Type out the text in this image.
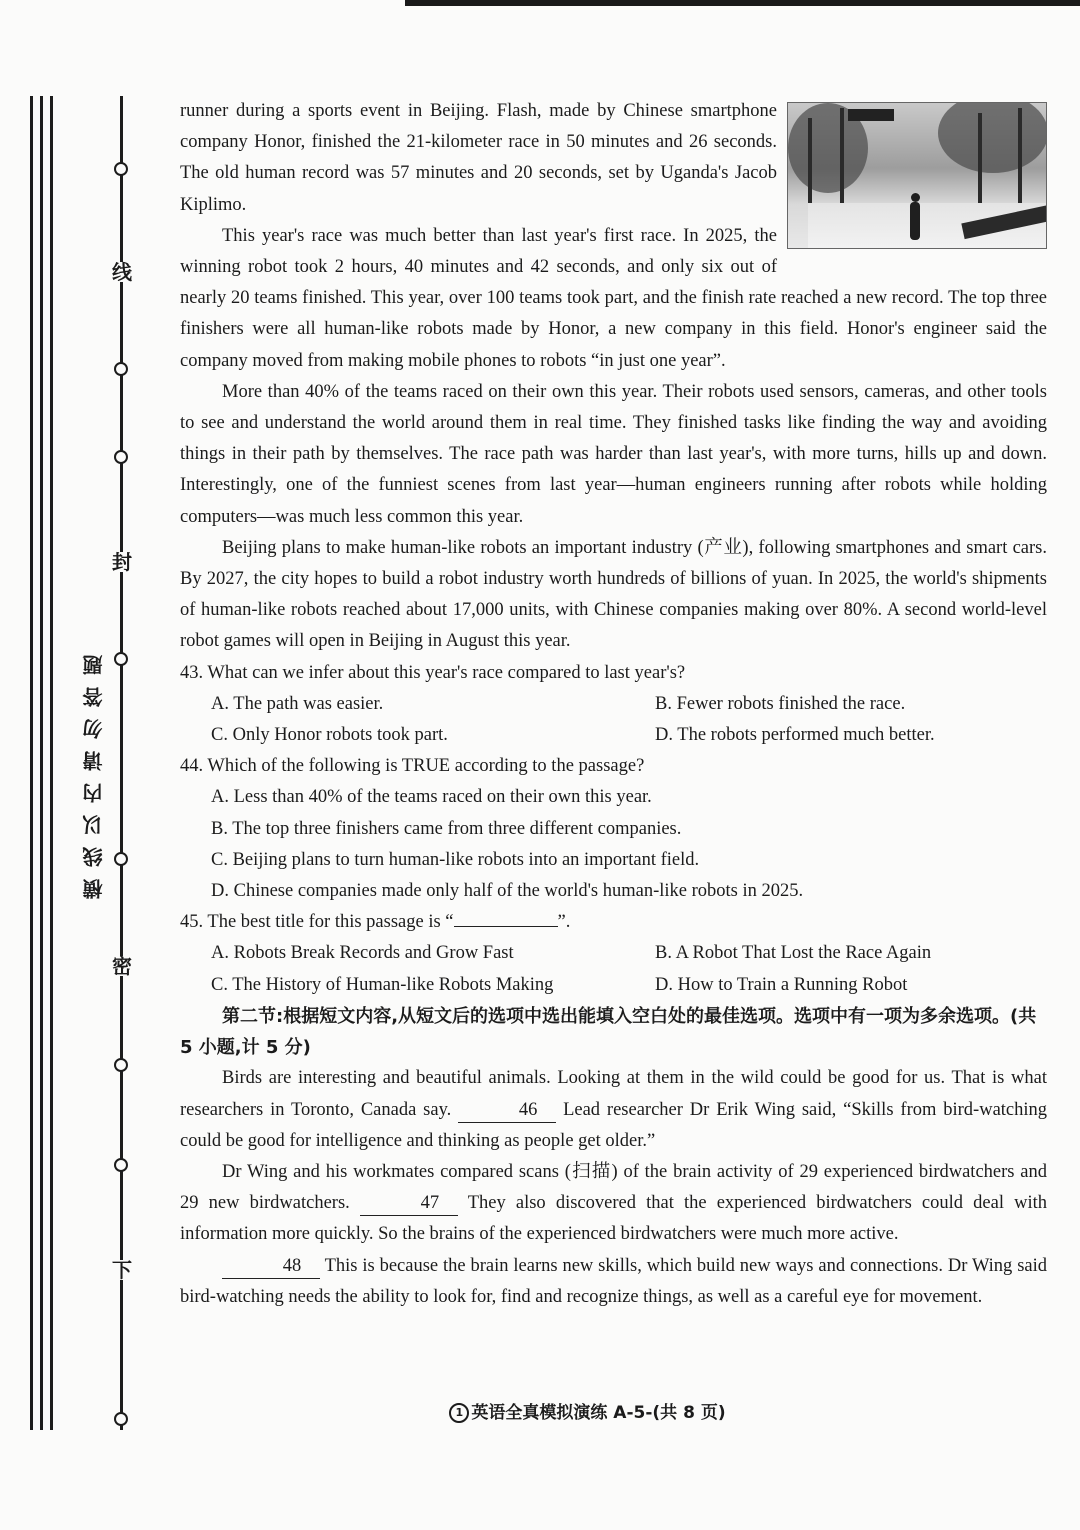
线
封
密
下
横线以内请勿答题

runner during a sports event in Beijing. Flash, made by Chinese smartphone company Honor, finished the 21-kilometer race in 50 minutes and 26 seconds. The old human record was 57 minutes and 20 seconds, set by Uganda's Jacob Kiplimo.

This year's race was much better than last year's first race. In 2025, the winning robot took 2 hours, 40 minutes and 42 seconds, and only six out of nearly 20 teams finished. This year, over 100 teams took part, and the finish rate reached a new record. The top three finishers were all human-like robots made by Honor, a new company in this field. Honor's engineer said the company moved from making mobile phones to robots “in just one year”.

More than 40% of the teams raced on their own this year. Their robots used sensors, cameras, and other tools to see and understand the world around them in real time. They finished tasks like finding the way and avoiding things in their path by themselves. The race path was harder than last year's, with more turns, hills up and down. Interestingly, one of the funniest scenes from last year—human engineers running after robots while holding computers—was much less common this year.

Beijing plans to make human-like robots an important industry (产业), following smartphones and smart cars. By 2027, the city hopes to build a robot industry worth hundreds of billions of yuan. In 2025, the world's shipments of human-like robots reached about 17,000 units, with Chinese companies making over 80%. A second world-level robot games will open in Beijing in August this year.

43. What can we infer about this year's race compared to last year's?

A. The path was easier.	B. Fewer robots finished the race.
C. Only Honor robots took part.	D. The robots performed much better.

44. Which of the following is TRUE according to the passage?

A. Less than 40% of the teams raced on their own this year.

B. The top three finishers came from three different companies.

C. Beijing plans to turn human-like robots into an important field.

D. Chinese companies made only half of the world's human-like robots in 2025.

45. The best title for this passage is “	”.

A. Robots Break Records and Grow Fast	B. A Robot That Lost the Race Again
C. The History of Human-like Robots Making	D. How to Train a Running Robot

第二节:根据短文内容,从短文后的选项中选出能填入空白处的最佳选项。选项中有一项为多余选项。(共 5 小题,计 5 分)

Birds are interesting and beautiful animals. Looking at them in the wild could be good for us. That is what researchers in Toronto, Canada say.	46 Lead researcher Dr Erik Wing said, “Skills from bird-watching could be good for intelligence and thinking as people get older.”

Dr Wing and his workmates compared scans (扫描) of the brain activity of 29 experienced birdwatchers and 29 new birdwatchers.	47 They also discovered that the experienced birdwatchers could deal with information more quickly. So the brains of the experienced birdwatchers were much more active.

48 This is because the brain learns new skills, which build new ways and connections. Dr Wing said bird-watching needs the ability to look for, find and recognize things, as well as a careful eye for movement.

1 英语全真模拟演练 A-5-(共 8 页)
